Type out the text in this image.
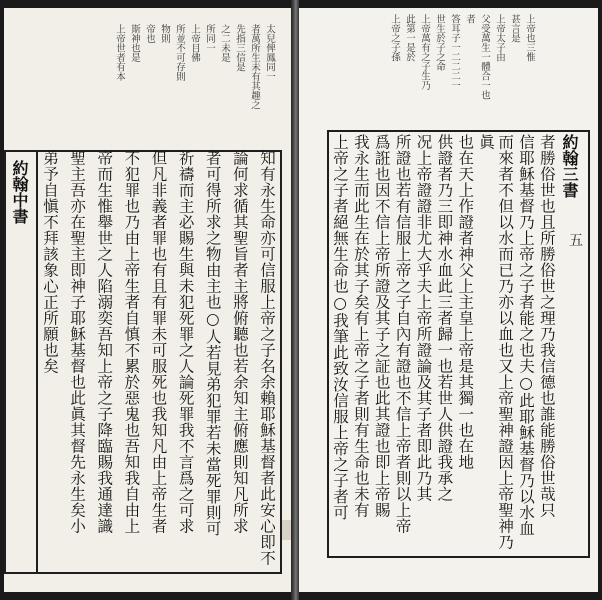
太兒俾鳳同一
者萬所生未有其趣之
先指三信是
之二未是
所同一
上帝目佛
所並不可存則
物則
帝也
斯神也是
上帝世者有本
約翰中書	知有永生命亦可信服上帝之子名余賴耶穌基督者此安心即不
論何求循其聖旨者主將俯聽也若余知主俯應則知凡所求
者可得所求之物由主也○人若見弟犯罪若未當死罪則可
祈禱而主必賜生與未犯死罪之人論死罪我不言爲之可求
但凡非義者罪也有且有罪未可服死也我知凡由上帝生者
不犯罪也乃由上帝生者自慎不累於惡鬼也吾知我自由上
帝而生惟舉世之人陷溺奕吾知上帝之子降臨賜我通達識
聖主吾亦在聖主即神子耶穌基督也此眞其督先永生矣小
弟予自愼不拜該象心正所願也矣
上帝也三惟
甚言是
上帝太子由
父受萬生一體合一也
者
答耳子一二二二一
世生於子之命
上帝萬有之子生乃
此第一是於
上帝之子孫
約翰三書
五
者勝俗世也且所勝俗世之理乃我信德也誰能勝俗世哉只
信耶穌基督乃上帝之子者能之也夫○此耶穌基督乃以水血
而來者不但以水而已乃亦以血也又上帝聖神證因上帝聖神乃眞
也在天上作證者神父上主皇上帝是其獨一也在地
供證者乃三即神水血此三者歸一也若世人供證我承之
况上帝證證非尤大乎夫上帝所證論及其子者即此乃其
所證也若有信服上帝之子自內有證也不信上帝者則以上帝
爲誑也因不信上帝所證及其子之証也此其證也即上帝賜
我永生而此生在於其子矣有上帝之子者則有生命也未有
上帝之子者絕無生命也○我筆此致汝信服上帝之子者可
